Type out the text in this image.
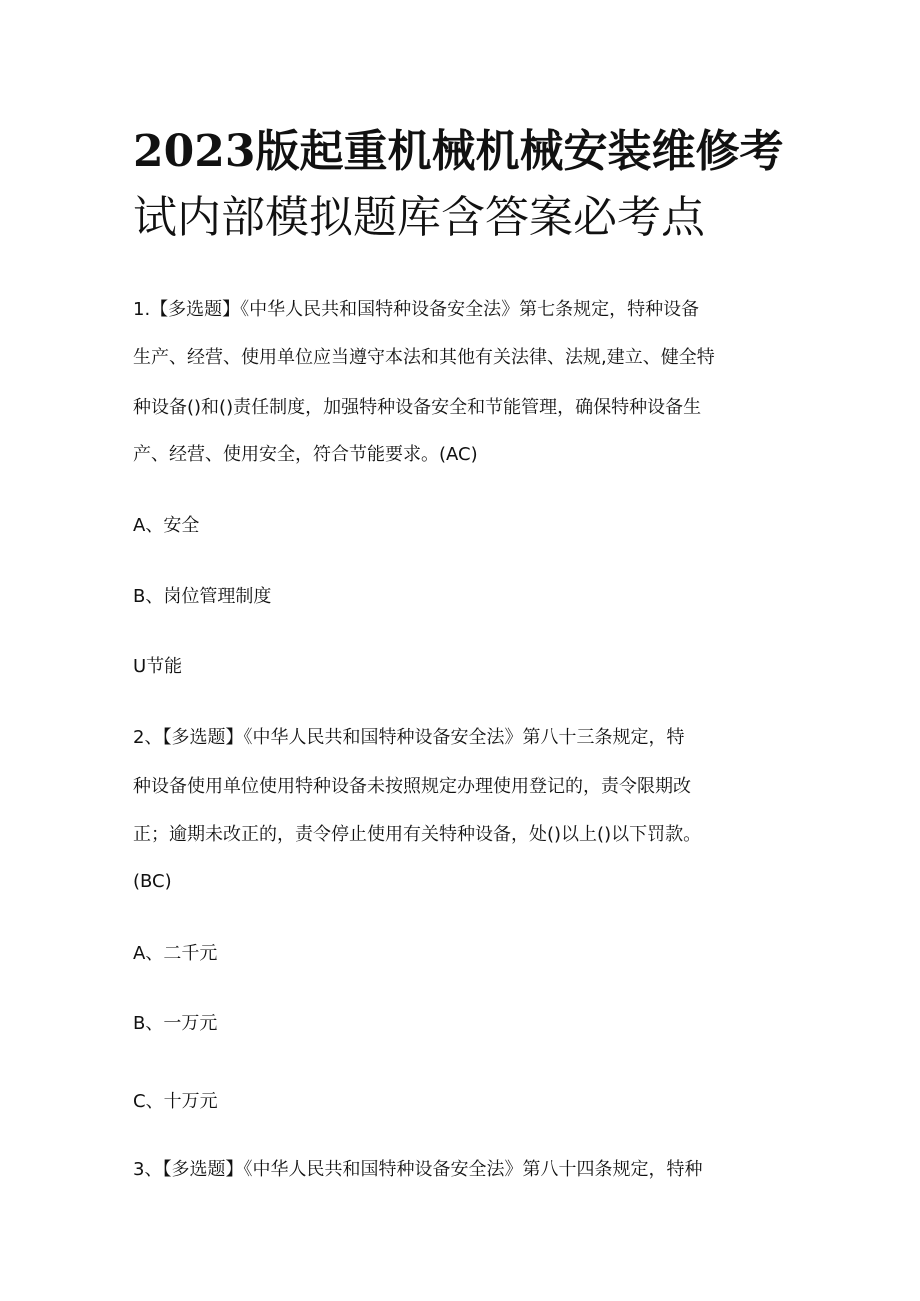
2023版起重机械机械安装维修考
试内部模拟题库含答案必考点
1.【多选题】《中华人民共和国特种设备安全法》第七条规定，特种设备
生产、经营、使用单位应当遵守本法和其他有关法律、法规,建立、健全特
种设备()和()责任制度，加强特种设备安全和节能管理，确保特种设备生
产、经营、使用安全，符合节能要求。(AC)
A、安全
B、岗位管理制度
U节能
2、【多选题】《中华人民共和国特种设备安全法》第八十三条规定，特
种设备使用单位使用特种设备未按照规定办理使用登记的，责令限期改
正；逾期未改正的，责令停止使用有关特种设备，处()以上()以下罚款。
(BC)
A、二千元
B、一万元
C、十万元
3、【多选题】《中华人民共和国特种设备安全法》第八十四条规定，特种
